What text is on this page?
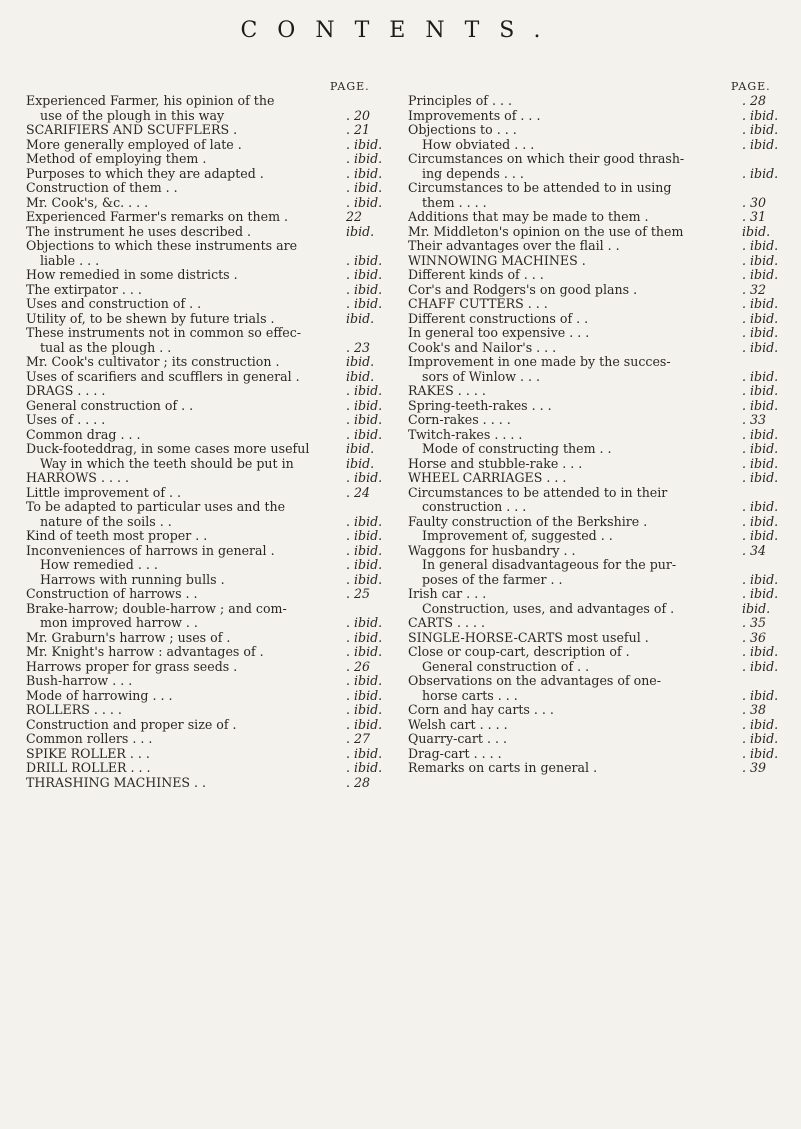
CONTENTS.
PAGE.	PAGE.
Experienced Farmer, his opinion of the
use of the plough in this way	. 20
SCARIFIERS AND SCUFFLERS .	. 21
More generally employed of late .	. ibid.
Method of employing them .	. ibid.
Purposes to which they are adapted .	. ibid.
Construction of them . .	. ibid.
Mr. Cook's, &c. . . .	. ibid.
Experienced Farmer's remarks on them .	22
The instrument he uses described .	ibid.
Objections to which these instruments are
liable . . .	. ibid.
How remedied in some districts .	. ibid.
The extirpator . . .	. ibid.
Uses and construction of . .	. ibid.
Utility of, to be shewn by future trials .	ibid.
These instruments not in common so effec-
tual as the plough . .	. 23
Mr. Cook's cultivator ; its construction .	ibid.
Uses of scarifiers and scufflers in general .	ibid.
DRAGS . . . .	. ibid.
General construction of . .	. ibid.
Uses of . . . .	. ibid.
Common drag . . .	. ibid.
Duck-footeddrag, in some cases more useful	ibid.
Way in which the teeth should be put in	ibid.
HARROWS . . . .	. ibid.
Little improvement of . .	. 24
To be adapted to particular uses and the
nature of the soils . .	. ibid.
Kind of teeth most proper . .	. ibid.
Inconveniences of harrows in general .	. ibid.
How remedied . . .	. ibid.
Harrows with running bulls .	. ibid.
Construction of harrows . .	. 25
Brake-harrow; double-harrow ; and com-
mon improved harrow . .	. ibid.
Mr. Graburn's harrow ; uses of .	. ibid.
Mr. Knight's harrow : advantages of .	. ibid.
Harrows proper for grass seeds .	. 26
Bush-harrow . . .	. ibid.
Mode of harrowing . . .	. ibid.
ROLLERS . . . .	. ibid.
Construction and proper size of .	. ibid.
Common rollers . . .	. 27
SPIKE ROLLER . . .	. ibid.
DRILL ROLLER . . .	. ibid.
THRASHING MACHINES . .	. 28
Principles of . . .	. 28
Improvements of . . .	. ibid.
Objections to . . .	. ibid.
How obviated . . .	. ibid.
Circumstances on which their good thrash-
ing depends . . .	. ibid.
Circumstances to be attended to in using
them . . . .	. 30
Additions that may be made to them .	. 31
Mr. Middleton's opinion on the use of them	ibid.
Their advantages over the flail . .	. ibid.
WINNOWING MACHINES .	. ibid.
Different kinds of . . .	. ibid.
Cor's and Rodgers's on good plans .	. 32
CHAFF CUTTERS . . .	. ibid.
Different constructions of . .	. ibid.
In general too expensive . . .	. ibid.
Cook's and Nailor's . . .	. ibid.
Improvement in one made by the succes-
sors of Winlow . . .	. ibid.
RAKES . . . .	. ibid.
Spring-teeth-rakes . . .	. ibid.
Corn-rakes . . . .	. 33
Twitch-rakes . . . .	. ibid.
Mode of constructing them . .	. ibid.
Horse and stubble-rake . . .	. ibid.
WHEEL CARRIAGES . . .	. ibid.
Circumstances to be attended to in their
construction . . .	. ibid.
Faulty construction of the Berkshire .	. ibid.
Improvement of, suggested . .	. ibid.
Waggons for husbandry . .	. 34
In general disadvantageous for the pur-
poses of the farmer . .	. ibid.
Irish car . . .	. ibid.
Construction, uses, and advantages of .	ibid.
CARTS . . . .	. 35
SINGLE-HORSE-CARTS most useful .	. 36
Close or coup-cart, description of .	. ibid.
General construction of . .	. ibid.
Observations on the advantages of one-
horse carts . . .	. ibid.
Corn and hay carts . . .	. 38
Welsh cart . . . .	. ibid.
Quarry-cart . . .	. ibid.
Drag-cart . . . .	. ibid.
Remarks on carts in general .	. 39
